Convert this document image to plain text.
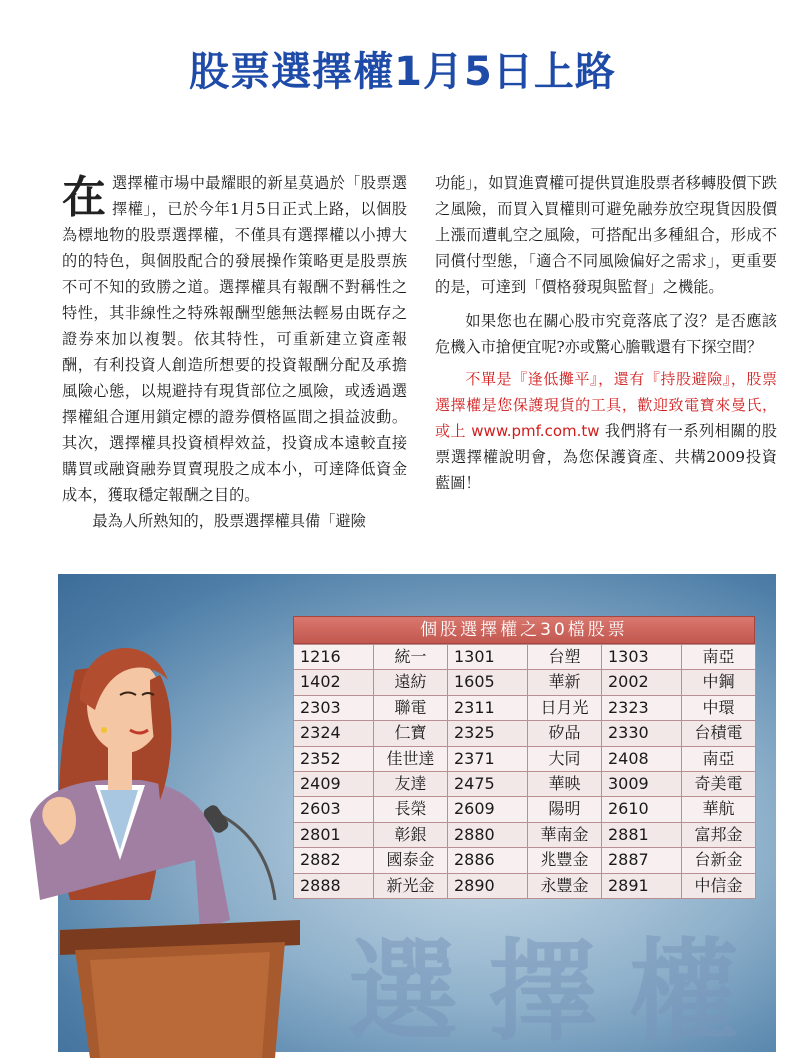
股票選擇權1月5日上路

在選擇權市場中最耀眼的新星莫過於「股票選擇權」，已於今年1月5日正式上路，以個股為標地物的股票選擇權，不僅具有選擇權以小搏大的的特色，與個股配合的發展操作策略更是股票族不可不知的致勝之道。選擇權具有報酬不對稱性之特性，其非線性之特殊報酬型態無法輕易由既存之證券來加以複製。依其特性，可重新建立資產報酬，有利投資人創造所想要的投資報酬分配及承擔風險心態，以規避持有現貨部位之風險，或透過選擇權組合運用鎖定標的證券價格區間之損益波動。 其次，選擇權具投資槓桿效益，投資成本遠較直接購買或融資融券買賣現股之成本小，可達降低資金成本，獲取穩定報酬之目的。

最為人所熟知的，股票選擇權具備「避險

功能」，如買進賣權可提供買進股票者移轉股價下跌之風險，而買入買權則可避免融券放空現貨因股價上漲而遭軋空之風險，可搭配出多種組合，形成不同償付型態，「適合不同風險偏好之需求」，更重要的是，可達到「價格發現與監督」之機能。

如果您也在關心股市究竟落底了沒？是否應該危機入市搶便宜呢?亦或驚心膽戰還有下探空間？

不單是『逢低攤平』，還有『持股避險』，股票選擇權是您保護現貨的工具，歡迎致電寶來曼氏，或上 www.pmf.com.tw 我們將有一系列相關的股票選擇權說明會，為您保護資產、共構2009投資藍圖！

選擇權
個股選擇權之30檔股票
1216	統一	1301	台塑	1303	南亞
1402	遠紡	1605	華新	2002	中鋼
2303	聯電	2311	日月光	2323	中環
2324	仁寶	2325	矽品	2330	台積電
2352	佳世達	2371	大同	2408	南亞
2409	友達	2475	華映	3009	奇美電
2603	長榮	2609	陽明	2610	華航
2801	彰銀	2880	華南金	2881	富邦金
2882	國泰金	2886	兆豐金	2887	台新金
2888	新光金	2890	永豐金	2891	中信金
